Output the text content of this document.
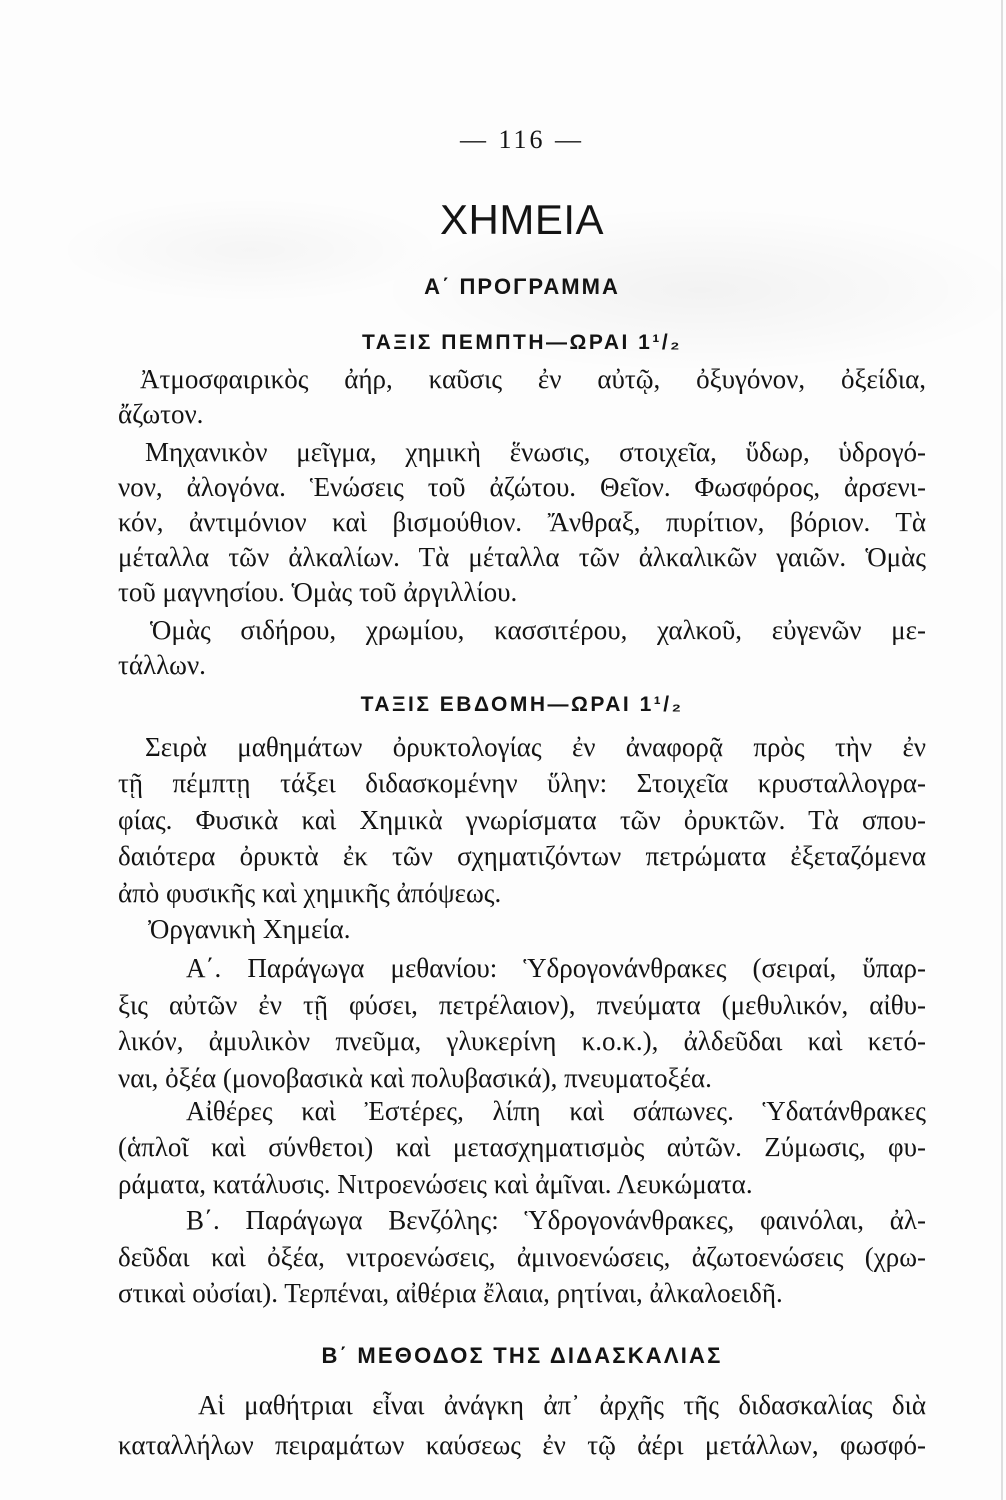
— 116 —
ΧΗΜΕΙΑ
Α΄ ΠΡΟΓΡΑΜΜΑ
ΤΑΞΙΣ ΠΕΜΠΤΗ—ΩΡΑΙ 1¹/₂
Ἀτμοσφαιρικὸς ἀήρ, καῦσις ἐν αὐτῷ, ὀξυγόνον, ὀξείδια,
ἄζωτον.
Μηχανικὸν μεῖγμα, χημικὴ ἕνωσις, στοιχεῖα, ὕδωρ, ὑδρογό-
νον, ἀλογόνα. Ἑνώσεις τοῦ ἀζώτου. Θεῖον. Φωσφόρος, ἀρσενι-
κόν, ἀντιμόνιον καὶ βισμούθιον. Ἄνθραξ, πυρίτιον, βόριον. Τὰ
μέταλλα τῶν ἀλκαλίων. Τὰ μέταλλα τῶν ἀλκαλικῶν γαιῶν. Ὁμὰς
τοῦ μαγνησίου. Ὁμὰς τοῦ ἀργιλλίου.
Ὁμὰς σιδήρου, χρωμίου, κασσιτέρου, χαλκοῦ, εὐγενῶν με-
τάλλων.
ΤΑΞΙΣ ΕΒΔΟΜΗ—ΩΡΑΙ 1¹/₂
Σειρὰ μαθημάτων ὀρυκτολογίας ἐν ἀναφορᾷ πρὸς τὴν ἐν
τῇ πέμπτῃ τάξει διδασκομένην ὕλην: Στοιχεῖα κρυσταλλογρα-
φίας. Φυσικὰ καὶ Χημικὰ γνωρίσματα τῶν ὀρυκτῶν. Τὰ σπου-
δαιότερα ὀρυκτὰ ἐκ τῶν σχηματιζόντων πετρώματα ἐξεταζόμενα
ἀπὸ φυσικῆς καὶ χημικῆς ἀπόψεως.
Ὀργανικὴ Χημεία.
Α΄. Παράγωγα μεθανίου: Ὑδρογονάνθρακες (σειραί, ὕπαρ-
ξις αὐτῶν ἐν τῇ φύσει, πετρέλαιον), πνεύματα (μεθυλικόν, αἰθυ-
λικόν, ἀμυλικὸν πνεῦμα, γλυκερίνη κ.ο.κ.), ἀλδεῦδαι καὶ κετό-
ναι, ὀξέα (μονοβασικὰ καὶ πολυβασικά), πνευματοξέα.
Αἰθέρες καὶ Ἐστέρες, λίπη καὶ σάπωνες. Ὑδατάνθρακες
(ἁπλοῖ καὶ σύνθετοι) καὶ μετασχηματισμὸς αὐτῶν. Ζύμωσις, φυ-
ράματα, κατάλυσις. Νιτροενώσεις καὶ ἀμῖναι. Λευκώματα.
Β΄. Παράγωγα Βενζόλης: Ὑδρογονάνθρακες, φαινόλαι, ἀλ-
δεῦδαι καὶ ὀξέα, νιτροενώσεις, ἀμινοενώσεις, ἀζωτοενώσεις (χρω-
στικαὶ οὐσίαι). Τερπέναι, αἰθέρια ἔλαια, ρητίναι, ἀλκαλοειδῆ.
Β΄ ΜΕΘΟΔΟΣ ΤΗΣ ΔΙΔΑΣΚΑΛΙΑΣ
Αἱ μαθήτριαι εἶναι ἀνάγκη ἀπ᾿ ἀρχῆς τῆς διδασκαλίας διὰ
καταλλήλων πειραμάτων καύσεως ἐν τῷ ἀέρι μετάλλων, φωσφό-
